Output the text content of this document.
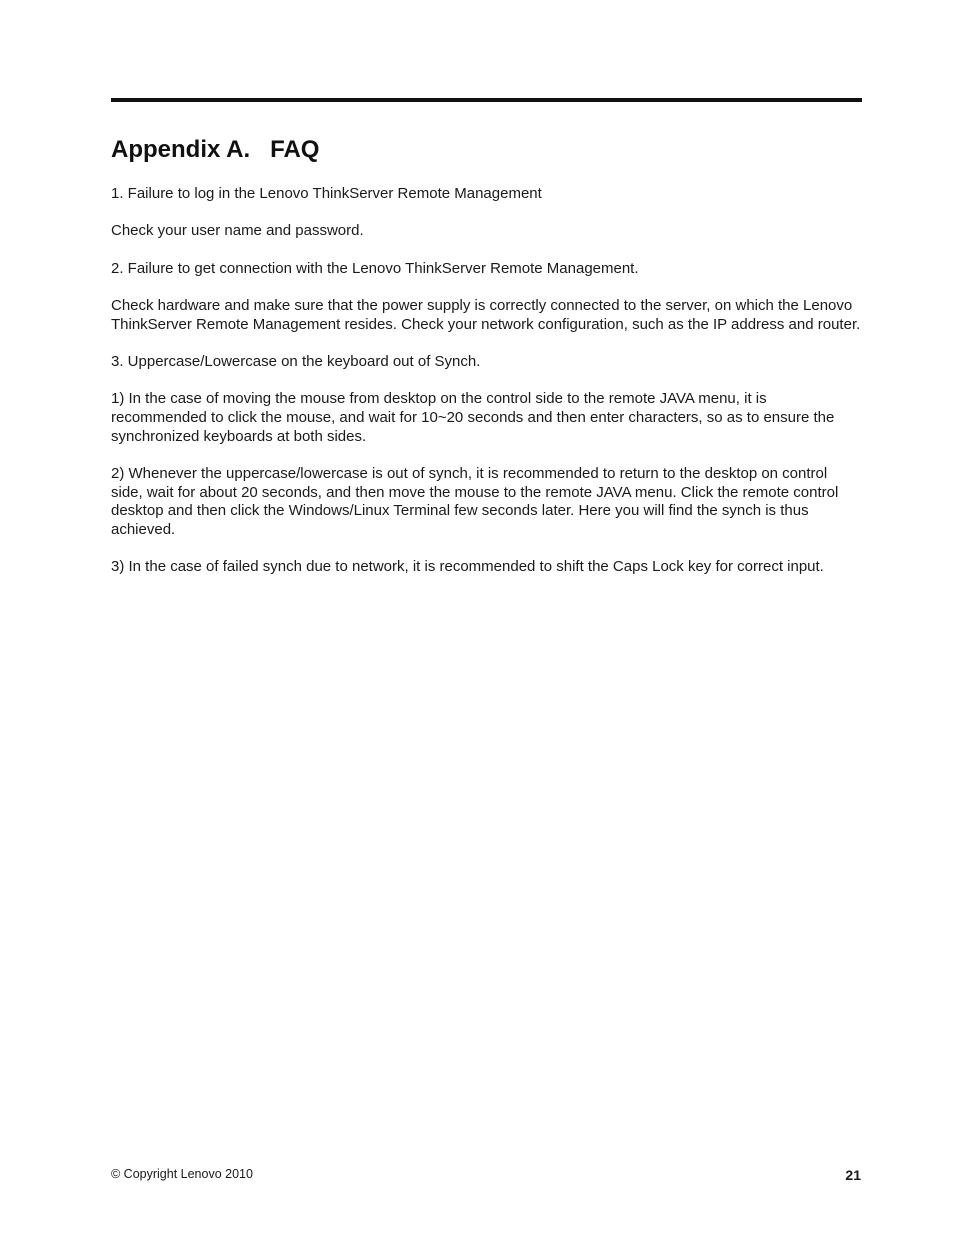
Appendix A.   FAQ

1. Failure to log in the Lenovo ThinkServer Remote Management

Check your user name and password.

2. Failure to get connection with the Lenovo ThinkServer Remote Management.

Check hardware and make sure that the power supply is correctly connected to the server, on which the Lenovo ThinkServer Remote Management resides. Check your network configuration, such as the IP address and router.

3. Uppercase/Lowercase on the keyboard out of Synch.

1) In the case of moving the mouse from desktop on the control side to the remote JAVA menu, it is recommended to click the mouse, and wait for 10~20 seconds and then enter characters, so as to ensure the synchronized keyboards at both sides.

2) Whenever the uppercase/lowercase is out of synch, it is recommended to return to the desktop on control side, wait for about 20 seconds, and then move the mouse to the remote JAVA menu. Click the remote control desktop and then click the Windows/Linux Terminal few seconds later. Here you will find the synch is thus achieved.

3) In the case of failed synch due to network, it is recommended to shift the Caps Lock key for correct input.

© Copyright Lenovo 2010	21
